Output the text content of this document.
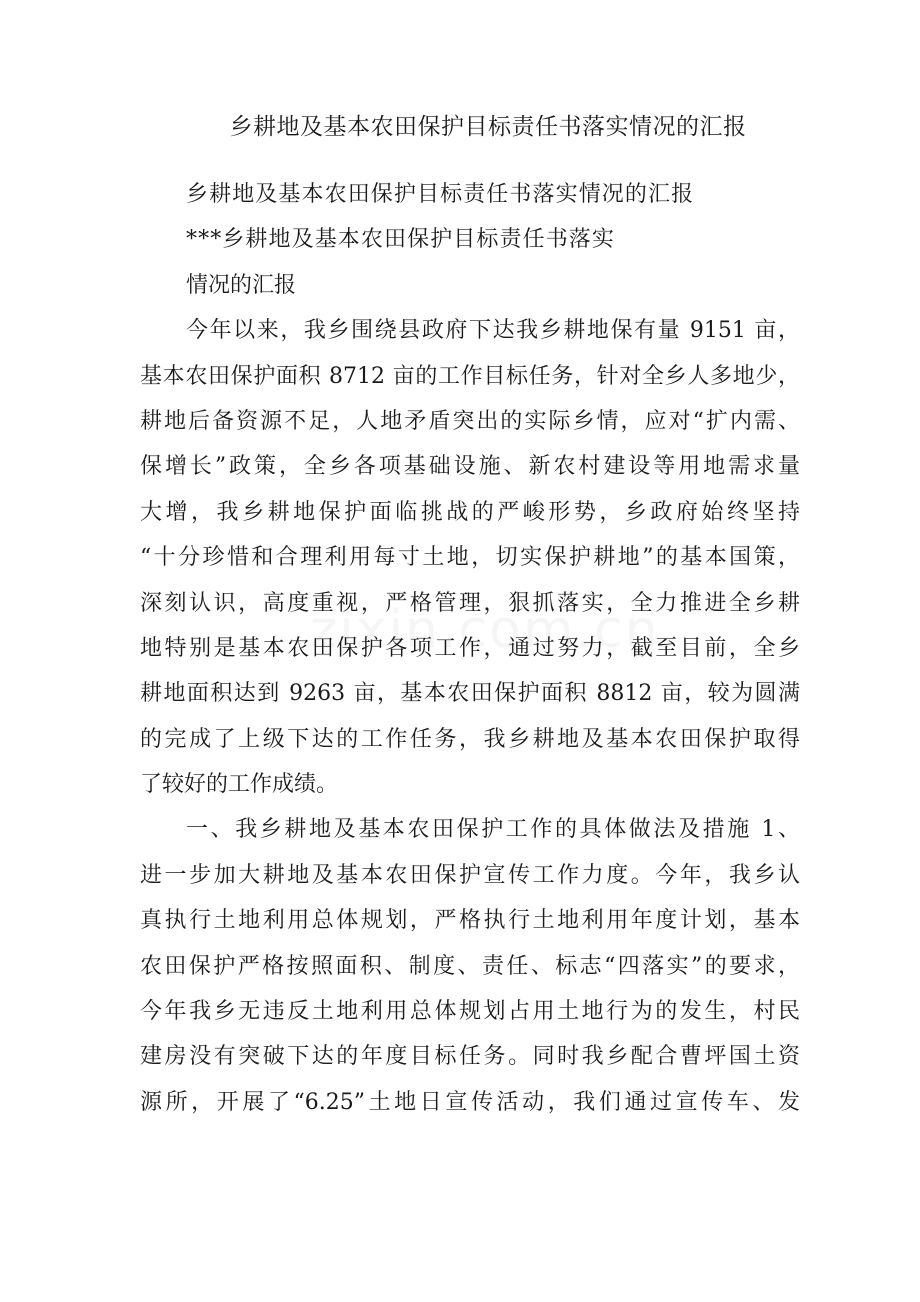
乡耕地及基本农田保护目标责任书落实情况的汇报
乡耕地及基本农田保护目标责任书落实情况的汇报
***乡耕地及基本农田保护目标责任书落实
情况的汇报
今年以来，我乡围绕县政府下达我乡耕地保有量 9151 亩，
基本农田保护面积 8712 亩的工作目标任务，针对全乡人多地少，
耕地后备资源不足，人地矛盾突出的实际乡情，应对“扩内需、
保增长”政策，全乡各项基础设施、新农村建设等用地需求量
大增，我乡耕地保护面临挑战的严峻形势，乡政府始终坚持
“十分珍惜和合理利用每寸土地，切实保护耕地”的基本国策，
深刻认识，高度重视，严格管理，狠抓落实，全力推进全乡耕
地特别是基本农田保护各项工作，通过努力，截至目前，全乡
耕地面积达到 9263 亩，基本农田保护面积 8812 亩，较为圆满
的完成了上级下达的工作任务，我乡耕地及基本农田保护取得
了较好的工作成绩。
一、我乡耕地及基本农田保护工作的具体做法及措施 1、
进一步加大耕地及基本农田保护宣传工作力度。今年，我乡认
真执行土地利用总体规划，严格执行土地利用年度计划，基本
农田保护严格按照面积、制度、责任、标志“四落实”的要求，
今年我乡无违反土地利用总体规划占用土地行为的发生，村民
建房没有突破下达的年度目标任务。同时我乡配合曹坪国土资
源所，开展了“6.25”土地日宣传活动，我们通过宣传车、发
